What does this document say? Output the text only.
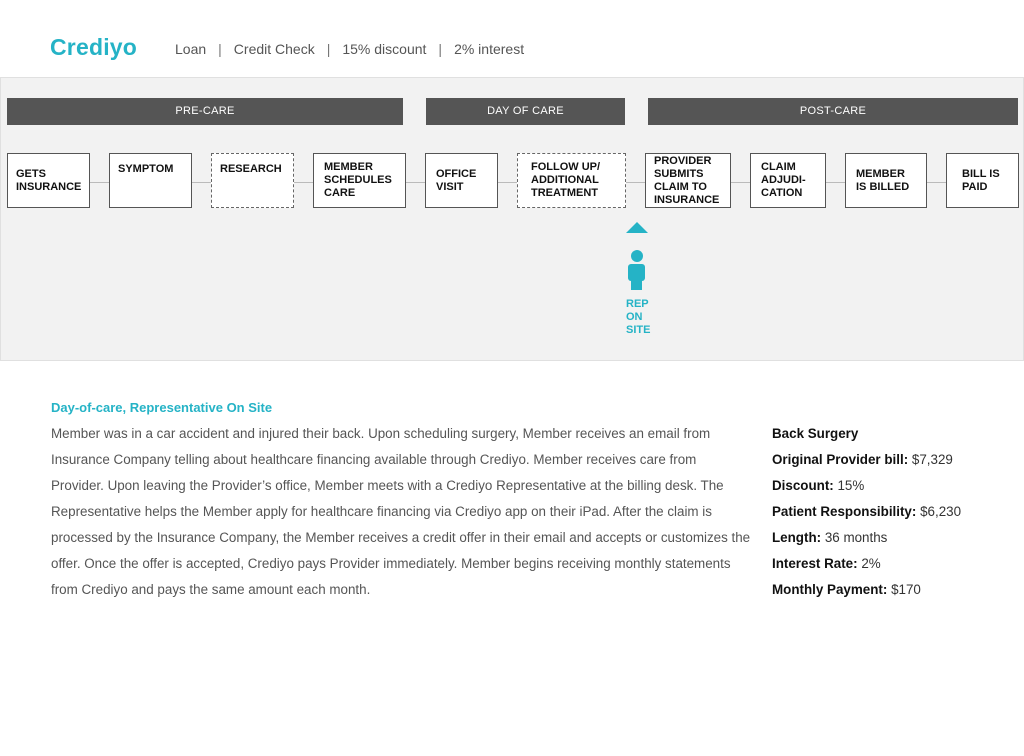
Crediyo	Loan | Credit Check | 15% discount | 2% interest
PRE-CARE	DAY OF CARE	POST-CARE
GETS
INSURANCE
SYMPTOM	RESEARCH	MEMBER
SCHEDULES
CARE
OFFICE
VISIT
FOLLOW UP/
ADDITIONAL
TREATMENT
PROVIDER
SUBMITS
CLAIM TO
INSURANCE
CLAIM
ADJUDI-
CATION
MEMBER
IS BILLED
BILL IS
PAID
REP
ON
SITE
Day-of-care, Representative On Site
Member was in a car accident and injured their back. Upon scheduling surgery, Member receives an email from Insurance Company telling about healthcare financing available through Crediyo. Member receives care from Provider. Upon leaving the Provider’s office, Member meets with a Crediyo Representative at the billing desk. The Representative helps the Member apply for healthcare financing via Crediyo app on their iPad. After the claim is processed by the Insurance Company, the Member receives a credit offer in their email and accepts or customizes the offer. Once the offer is accepted, Crediyo pays Provider immediately. Member begins receiving monthly statements from Crediyo and pays the same amount each month.
Back Surgery
Original Provider bill: $7,329
Discount: 15%
Patient Responsibility: $6,230
Length: 36 months
Interest Rate: 2%
Monthly Payment: $170
